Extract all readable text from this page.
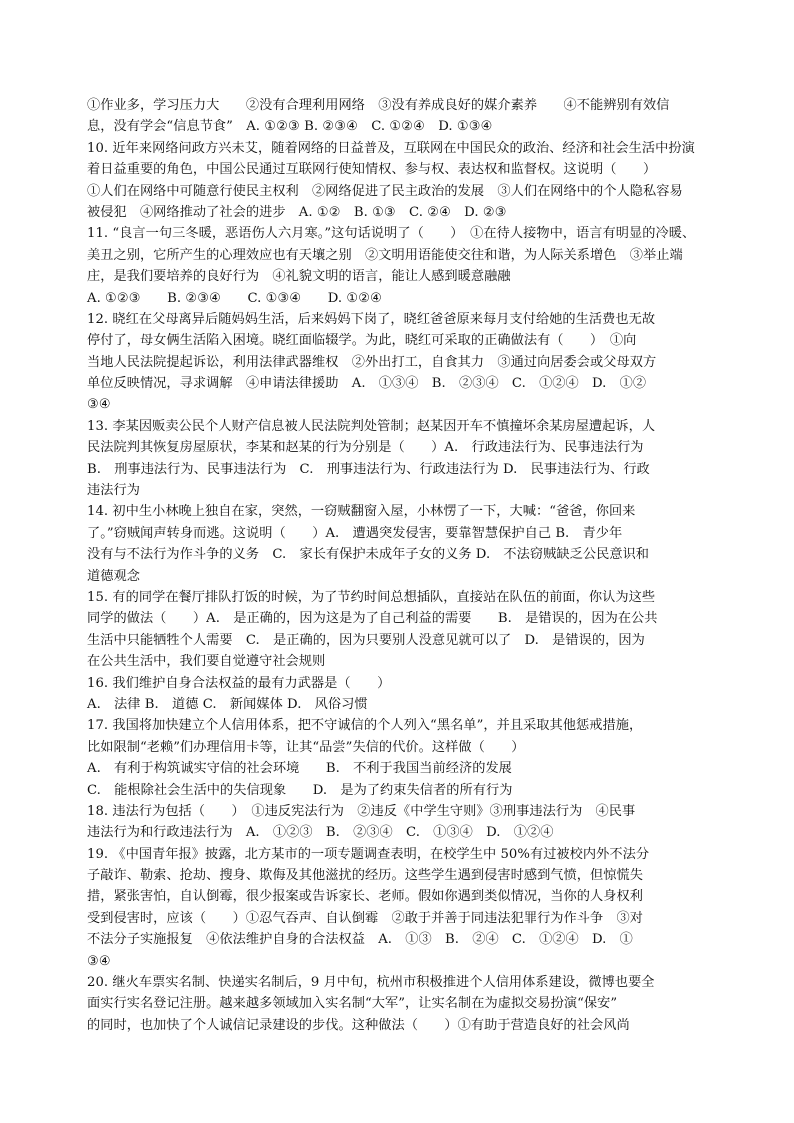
①作业多，学习压力大　　②没有合理利用网络　③没有养成良好的媒介素养　　④不能辨别有效信
息，没有学会“信息节食”　A. ①②③ B. ②③④　C. ①②④　D. ①③④
10. 近年来网络问政方兴未艾，随着网络的日益普及，互联网在中国民众的政治、经济和社会生活中扮演
着日益重要的角色，中国公民通过互联网行使知情权、参与权、表达权和监督权。这说明（　　）
①人们在网络中可随意行使民主权利　②网络促进了民主政治的发展　③人们在网络中的个人隐私容易
被侵犯　④网络推动了社会的进步　A. ①②　B. ①③　C. ②④　D. ②③
11. “良言一句三冬暖，恶语伤人六月寒。”这句话说明了（　　）　①在待人接物中，语言有明显的冷暖、
美丑之别，它所产生的心理效应也有天壤之别　②文明用语能使交往和谐，为人际关系增色　③举止端
庄，是我们要培养的良好行为　④礼貌文明的语言，能让人感到暖意融融
A. ①②③　　B. ②③④　　C. ①③④　　D. ①②④
12. 晓红在父母离异后随妈妈生活，后来妈妈下岗了，晓红爸爸原来每月支付给她的生活费也无故
停付了，母女俩生活陷入困境。晓红面临辍学。为此，晓红可采取的正确做法有（　　）　①向
当地人民法院提起诉讼，利用法律武器维权　②外出打工，自食其力　③通过向居委会或父母双方
单位反映情况，寻求调解　④申请法律援助　A.　①③④　B.　②③④　C.　①②④　D.　①②
③④
13. 李某因贩卖公民个人财产信息被人民法院判处管制；赵某因开车不慎撞坏余某房屋遭起诉，人
民法院判其恢复房屋原状，李某和赵某的行为分别是（　　）A.　行政违法行为、民事违法行为
B.　刑事违法行为、民事违法行为　C.　刑事违法行为、行政违法行为 D.　民事违法行为、行政
违法行为
14. 初中生小林晚上独自在家，突然，一窃贼翻窗入屋，小林愣了一下，大喊：“爸爸，你回来
了。”窃贼闻声转身而逃。这说明（　　）A.　遭遇突发侵害，要靠智慧保护自己 B.　青少年
没有与不法行为作斗争的义务　C.　家长有保护未成年子女的义务 D.　不法窃贼缺乏公民意识和
道德观念
15. 有的同学在餐厅排队打饭的时候，为了节约时间总想插队，直接站在队伍的前面，你认为这些
同学的做法（　　）A.　是正确的，因为这是为了自己利益的需要　　B.　是错误的，因为在公共
生活中只能牺牲个人需要　C.　是正确的，因为只要别人没意见就可以了　D.　是错误的，因为
在公共生活中，我们要自觉遵守社会规则
16. 我们维护自身合法权益的最有力武器是（　　）
A.　法律 B.　道德 C.　新闻媒体 D.　风俗习惯
17. 我国将加快建立个人信用体系，把不守诚信的个人列入“黑名单”，并且采取其他惩戒措施，
比如限制“老赖”们办理信用卡等，让其“品尝”失信的代价。这样做（　　）
A.　有利于构筑诚实守信的社会环境　　B.　不利于我国当前经济的发展
C.　能根除社会生活中的失信现象　　D.　是为了约束失信者的所有行为
18. 违法行为包括（　　）　①违反宪法行为　②违反《中学生守则》③刑事违法行为　④民事
违法行为和行政违法行为　A.　①②③　B.　②③④　C.　①③④　D.　①②④
19. 《中国青年报》披露，北方某市的一项专题调查表明，在校学生中 50%有过被校内外不法分
子敲诈、勒索、抢劫、搜身、欺侮及其他滋扰的经历。这些学生遇到侵害时感到气愤，但惊慌失
措，紧张害怕，自认倒霉，很少报案或告诉家长、老师。假如你遇到类似情况，当你的人身权利
受到侵害时，应该（　　）①忍气吞声、自认倒霉　②敢于并善于同违法犯罪行为作斗争　③对
不法分子实施报复　④依法维护自身的合法权益　A.　①③　B.　②④　C.　①②④　D.　①
③④
20. 继火车票实名制、快递实名制后，9 月中旬，杭州市积极推进个人信用体系建设，微博也要全
面实行实名登记注册。越来越多领域加入实名制“大军”，让实名制在为虚拟交易扮演“保安”
的同时，也加快了个人诚信记录建设的步伐。这种做法（　　）①有助于营造良好的社会风尚
